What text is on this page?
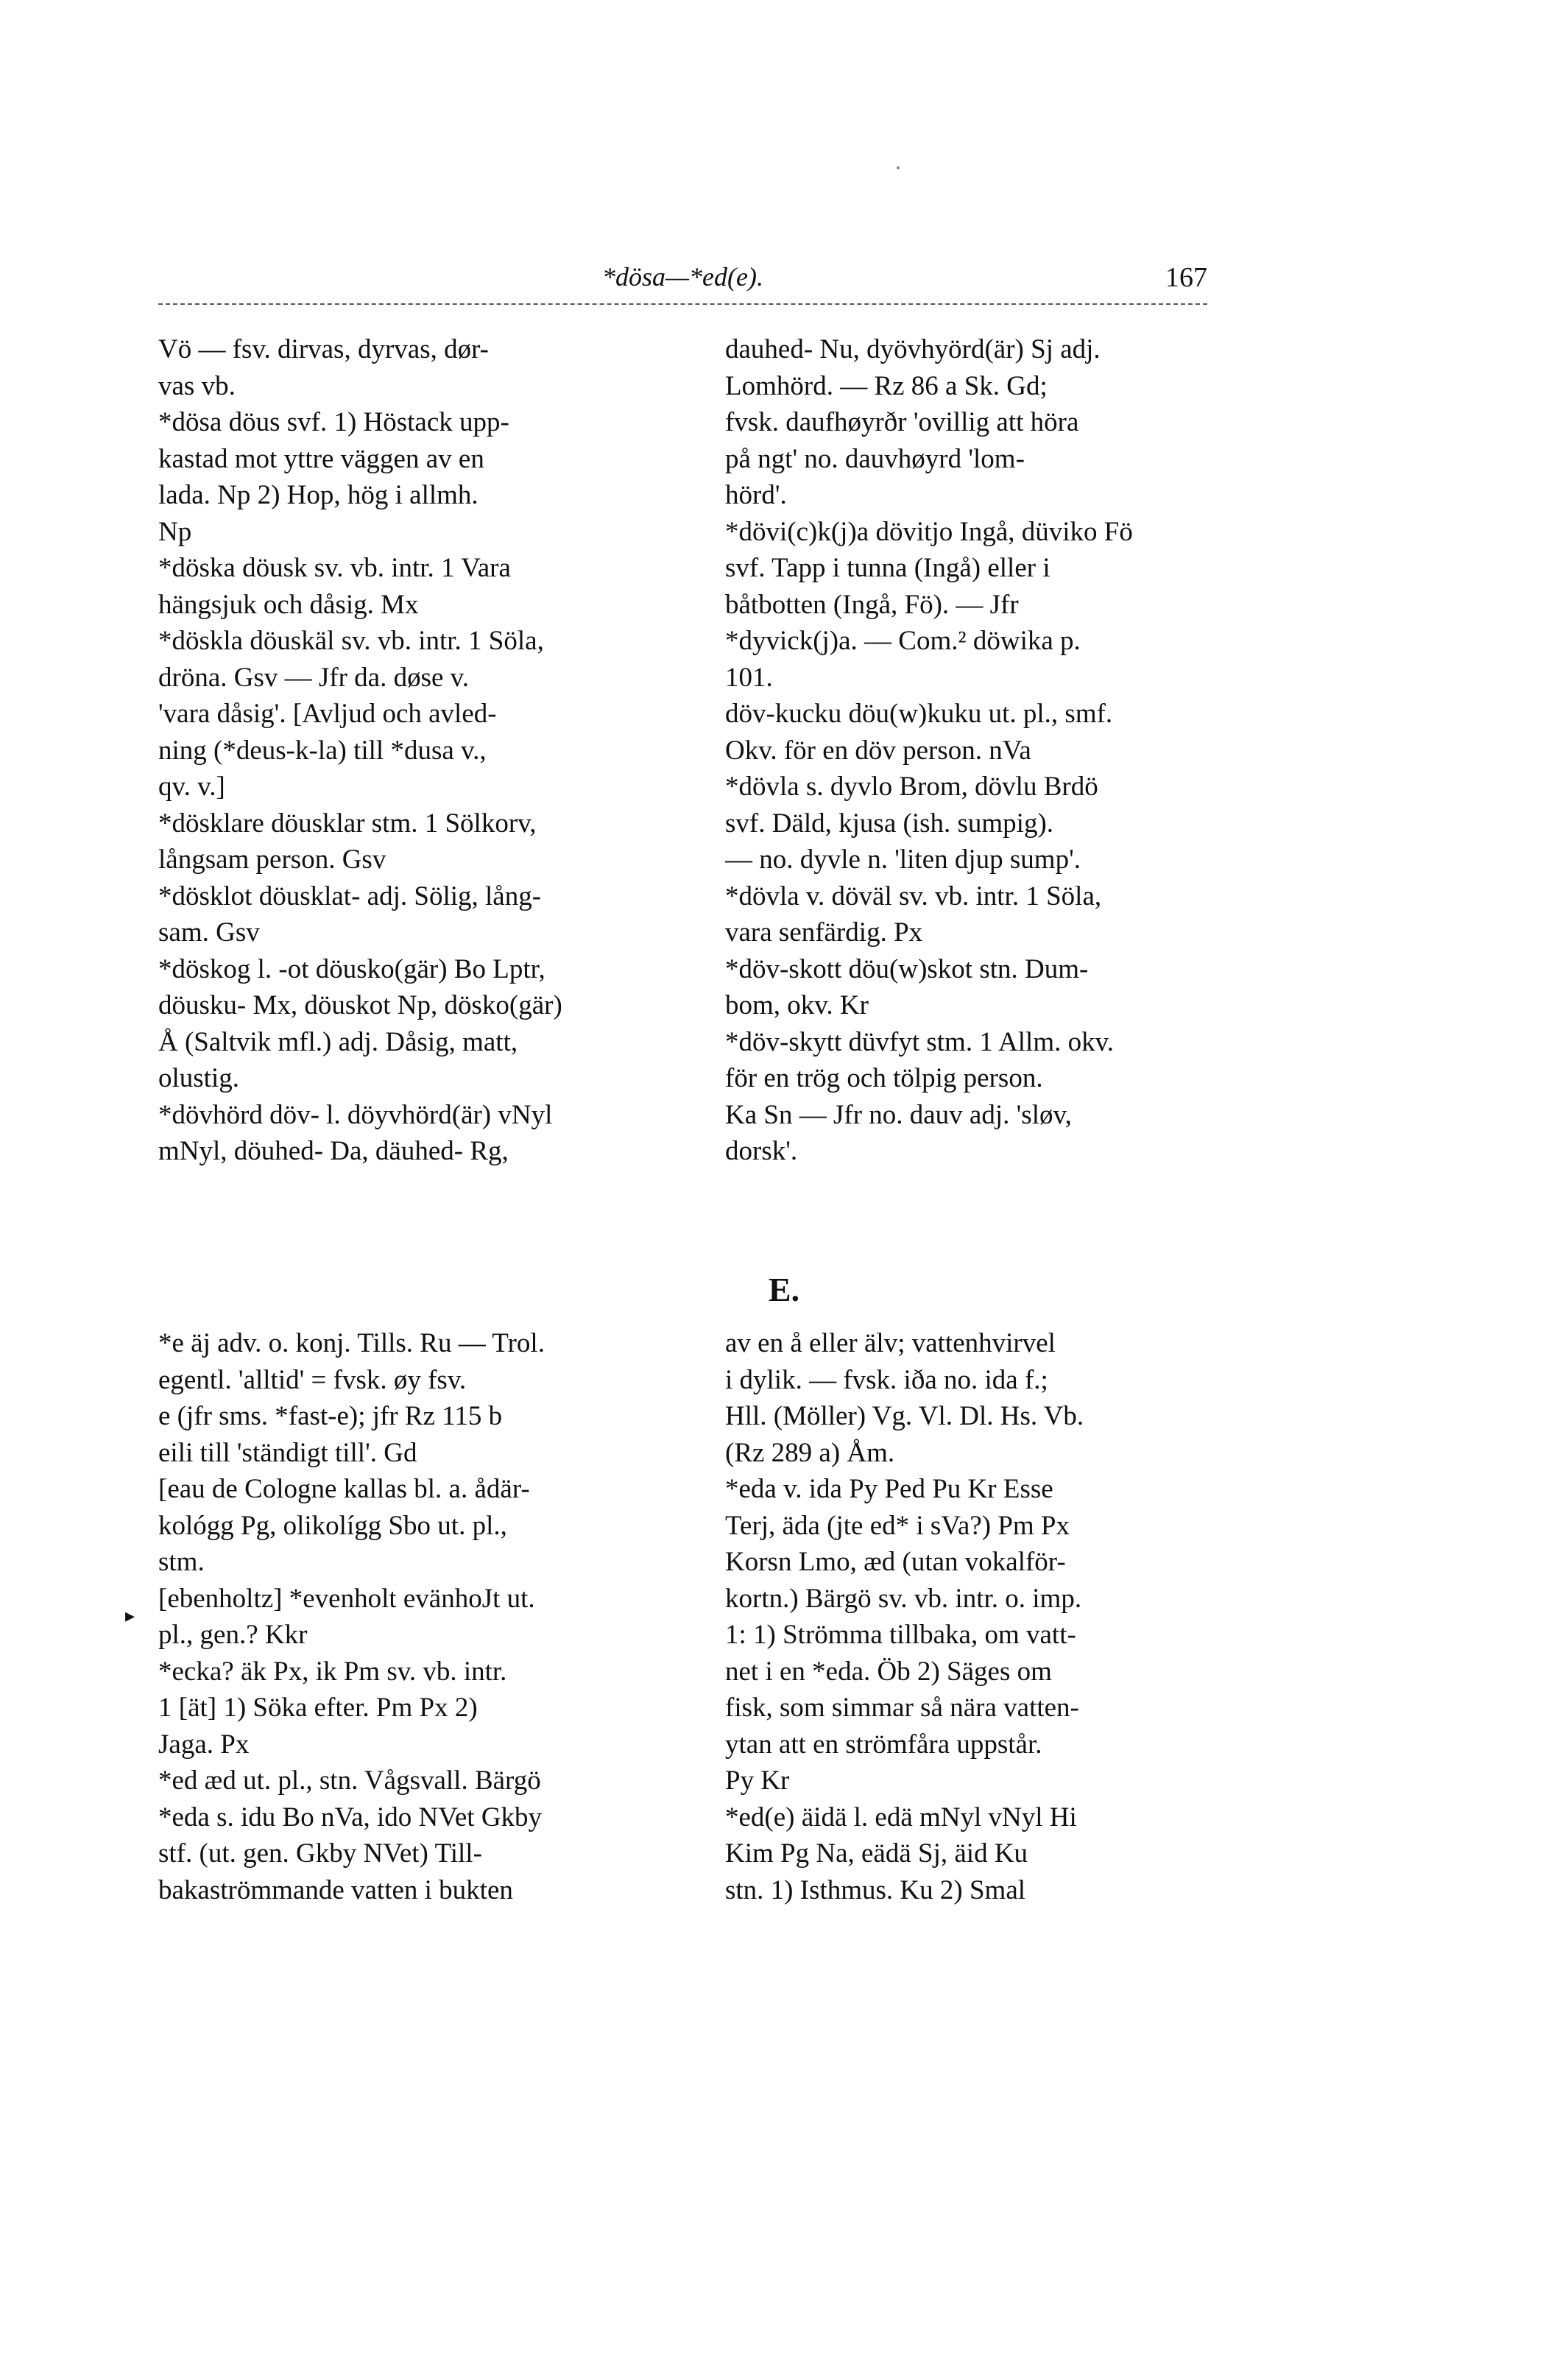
*dösa—*ed(e).	167
Vö — fsv. dirvas, dyrvas, dør-
vas vb.
*dösa döus svf. 1) Höstack upp-
kastad mot yttre väggen av en
lada. Np 2) Hop, hög i allmh.
Np
*döska döusk sv. vb. intr. 1 Vara
hängsjuk och dåsig. Mx
*döskla döuskäl sv. vb. intr. 1 Söla,
dröna. Gsv — Jfr da. døse v.
'vara dåsig'. [Avljud och avled-
ning (*deus-k-la) till *dusa v.,
qv. v.]
*dösklare döusklar stm. 1 Sölkorv,
långsam person. Gsv
*dösklot döusklat- adj. Sölig, lång-
sam. Gsv
*döskog l. -ot döusko(gär) Bo Lptr,
döusku- Mx, döuskot Np, dösko(gär)
Å (Saltvik mfl.) adj. Dåsig, matt,
olustig.
*dövhörd döv- l. döyvhörd(är) vNyl
mNyl, döuhed- Da, däuhed- Rg,
dauhed- Nu, dyövhyörd(är) Sj adj.
Lomhörd. — Rz 86 a Sk. Gd;
fvsk. daufhøyrðr 'ovillig att höra
på ngt' no. dauvhøyrd 'lom-
hörd'.
*dövi(c)k(j)a dövitjo Ingå, düviko Fö
svf. Tapp i tunna (Ingå) eller i
båtbotten (Ingå, Fö). — Jfr
*dyvick(j)a. — Com.² döwika p.
101.
döv-kucku döu(w)kuku ut. pl., smf.
Okv. för en döv person. nVa
*dövla s. dyvlo Brom, dövlu Brdö
svf. Däld, kjusa (ish. sumpig).
— no. dyvle n. 'liten djup sump'.
*dövla v. döväl sv. vb. intr. 1 Söla,
vara senfärdig. Px
*döv-skott döu(w)skot stn. Dum-
bom, okv. Kr
*döv-skytt düvfyt stm. 1 Allm. okv.
för en trög och tölpig person.
Ka Sn — Jfr no. dauv adj. 'sløv,
dorsk'.
E.
▸
*e äj adv. o. konj. Tills. Ru — Trol.
egentl. 'alltid' = fvsk. øy fsv.
e (jfr sms. *fast-e); jfr Rz 115 b
eili till 'ständigt till'. Gd
[eau de Cologne kallas bl. a. ådär-
kológg Pg, olikolígg Sbo ut. pl.,
stm.
[ebenholtz] *evenholt evänhoJt ut.
pl., gen.? Kkr
*ecka? äk Px, ik Pm sv. vb. intr.
1 [ät] 1) Söka efter. Pm Px 2)
Jaga. Px
*ed æd ut. pl., stn. Vågsvall. Bärgö
*eda s. idu Bo nVa, ido NVet Gkby
stf. (ut. gen. Gkby NVet) Till-
bakaströmmande vatten i bukten
av en å eller älv; vattenhvirvel
i dylik. — fvsk. iða no. ida f.;
Hll. (Möller) Vg. Vl. Dl. Hs. Vb.
(Rz 289 a) Åm.
*eda v. ida Py Ped Pu Kr Esse
Terj, äda (jte ed* i sVa?) Pm Px
Korsn Lmo, æd (utan vokalför-
kortn.) Bärgö sv. vb. intr. o. imp.
1: 1) Strömma tillbaka, om vatt-
net i en *eda. Öb 2) Säges om
fisk, som simmar så nära vatten-
ytan att en strömfåra uppstår.
Py Kr
*ed(e) äidä l. edä mNyl vNyl Hi
Kim Pg Na, eädä Sj, äid Ku
stn. 1) Isthmus. Ku 2) Smal
